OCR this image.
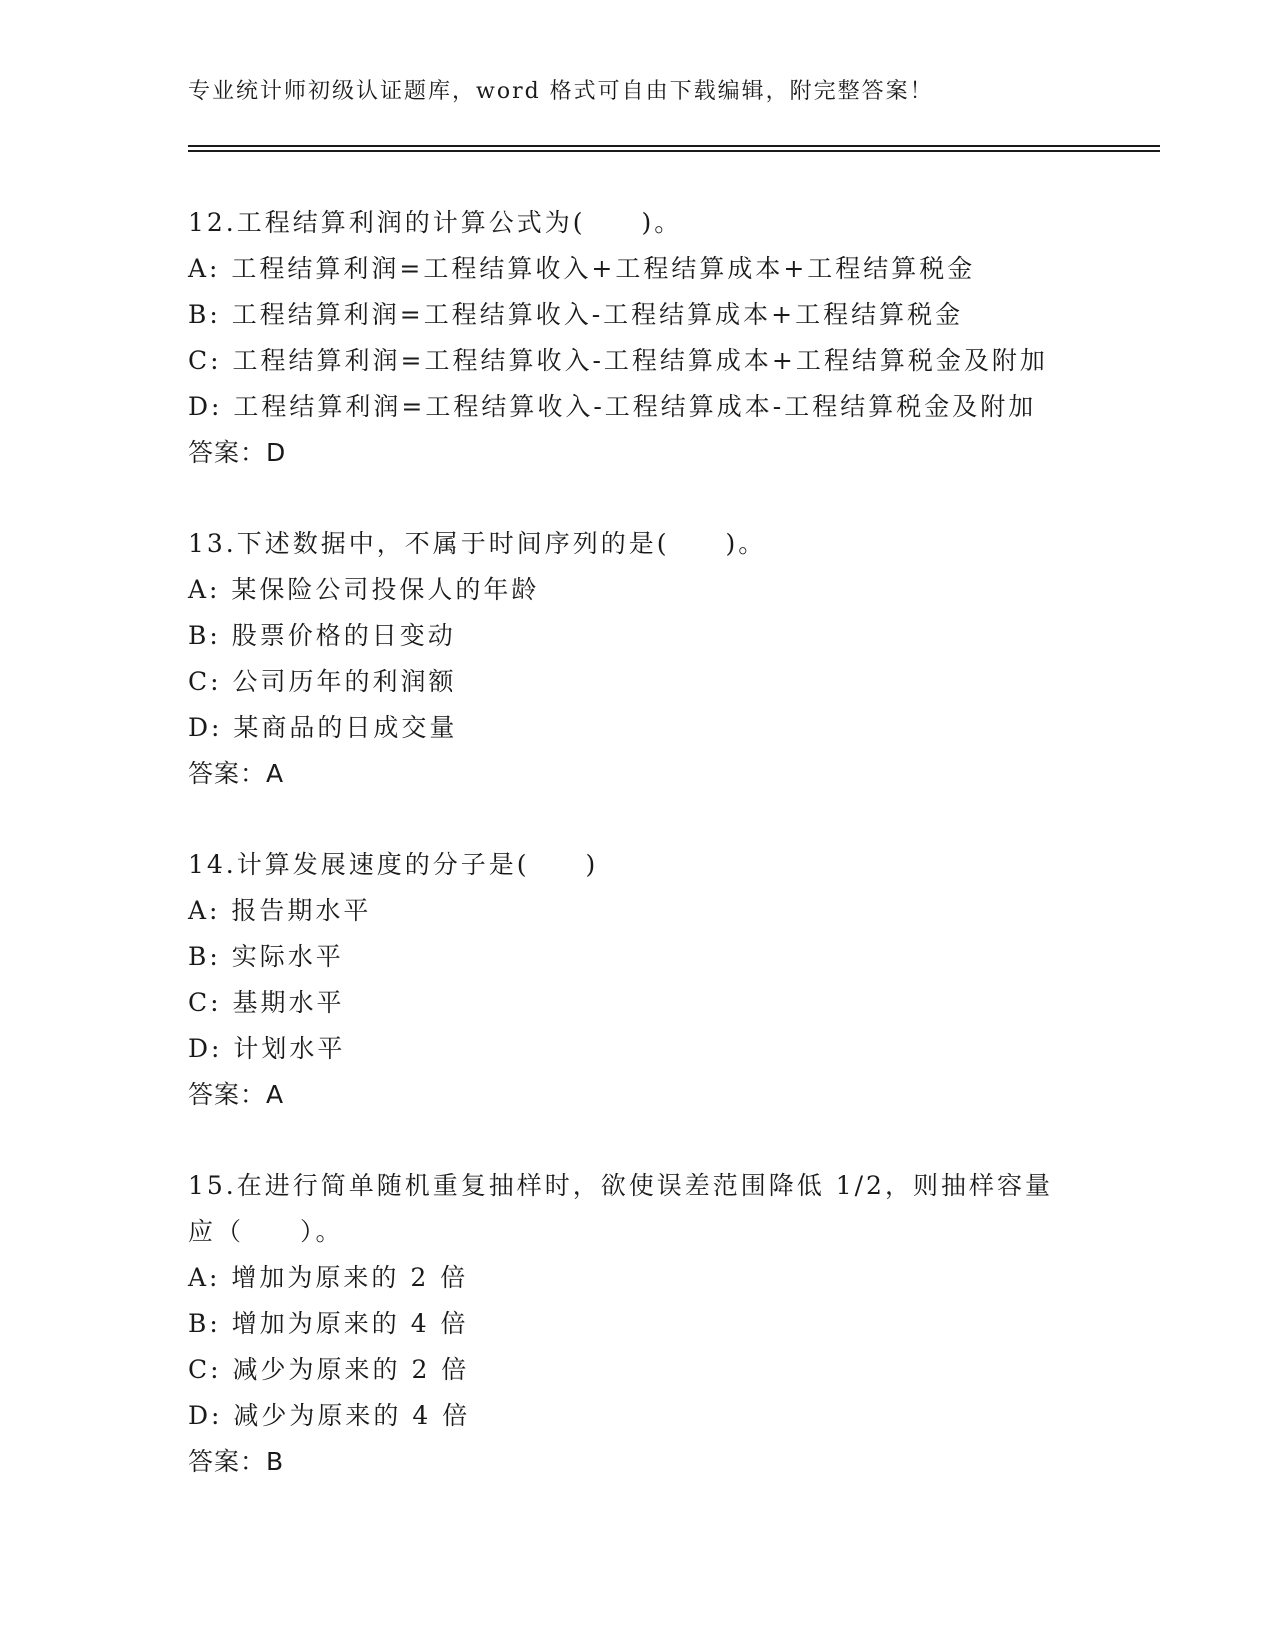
专业统计师初级认证题库，word 格式可自由下载编辑，附完整答案！
12.工程结算利润的计算公式为(　　)。
A: 工程结算利润=工程结算收入+工程结算成本+工程结算税金
B: 工程结算利润=工程结算收入-工程结算成本+工程结算税金
C: 工程结算利润=工程结算收入-工程结算成本+工程结算税金及附加
D: 工程结算利润=工程结算收入-工程结算成本-工程结算税金及附加
答案：D
13.下述数据中，不属于时间序列的是(　　)。
A: 某保险公司投保人的年龄
B: 股票价格的日变动
C: 公司历年的利润额
D: 某商品的日成交量
答案：A
14.计算发展速度的分子是(　　)
A: 报告期水平
B: 实际水平
C: 基期水平
D: 计划水平
答案：A
15.在进行简单随机重复抽样时，欲使误差范围降低 1/2，则抽样容量
应（　　）。
A: 增加为原来的 2 倍
B: 增加为原来的 4 倍
C: 减少为原来的 2 倍
D: 减少为原来的 4 倍
答案：B
